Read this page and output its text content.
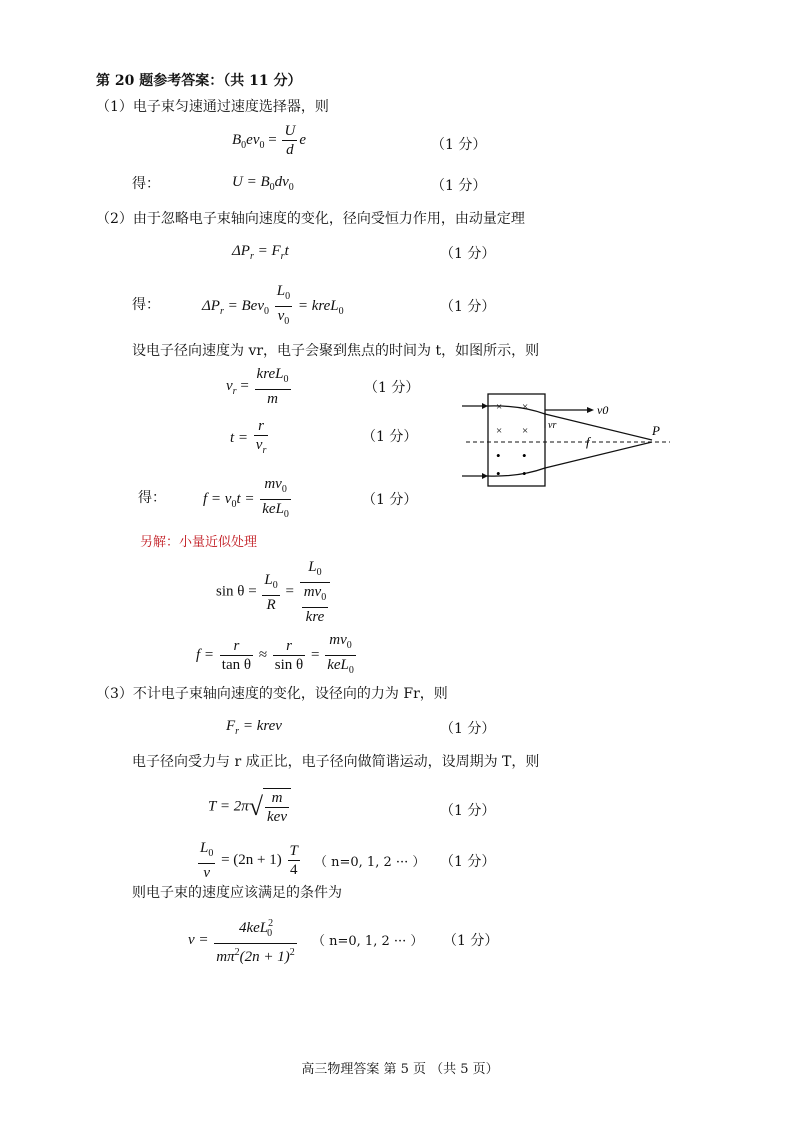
第 20 题参考答案：（共 11 分）
（1）电子束匀速通过速度选择器，则
$B_0ev_0 = \frac{U}{d}$ e	（1 分）
得：	$U = B_0dv_0$	（1 分）
（2）由于忽略电子束轴向速度的变化，径向受恒力作用，由动量定理
$\Delta P_r = F_rt$	（1 分）
得：	$\Delta P_r = Bev_0 \frac{L_0}{v_0}$ = kreL$_0$	（1 分）
设电子径向速度为 vr，电子会聚到焦点的时间为 t，如图所示，则
$v_r = \frac{kreL_0}{m}$	（1 分）
$t = \frac{r}{v_r}$	（1 分）
得： $f = v_0t = \frac{mv_0}{keL_0}$	（1 分）
× ×
× ×
• •
• •
v0
vr
f
P
另解：小量近似处理
$\sin \theta = \frac{L_0}{R} = \frac{L_0}{\frac{mv_0}{\text{kre}}}$
$f = \frac{r}{\text{tan θ}} \approx \frac{r}{\text{sin θ}} = \frac{mv_0}{keL_0}$
（3）不计电子束轴向速度的变化，设径向的力为 Fr，则
$F_r$ = krev	（1 分）
电子径向受力与 r 成正比，电子径向做简谐运动，设周期为 T，则
$T = 2\pi√ \frac{m}{\text{kev}}$	（1 分）
$\frac{L_0}{v} = (2n + 1) \frac{T}{4}$ （ n=0, 1, 2 ··· ） （1 分）
则电子束的速度应该满足的条件为
$v = \frac{4keL^2_0}{m\pi^2(2n + 1)^2}$ （ n=0, 1, 2 ··· ） （1 分）
高三物理答案 第 5 页 （共 5 页）
